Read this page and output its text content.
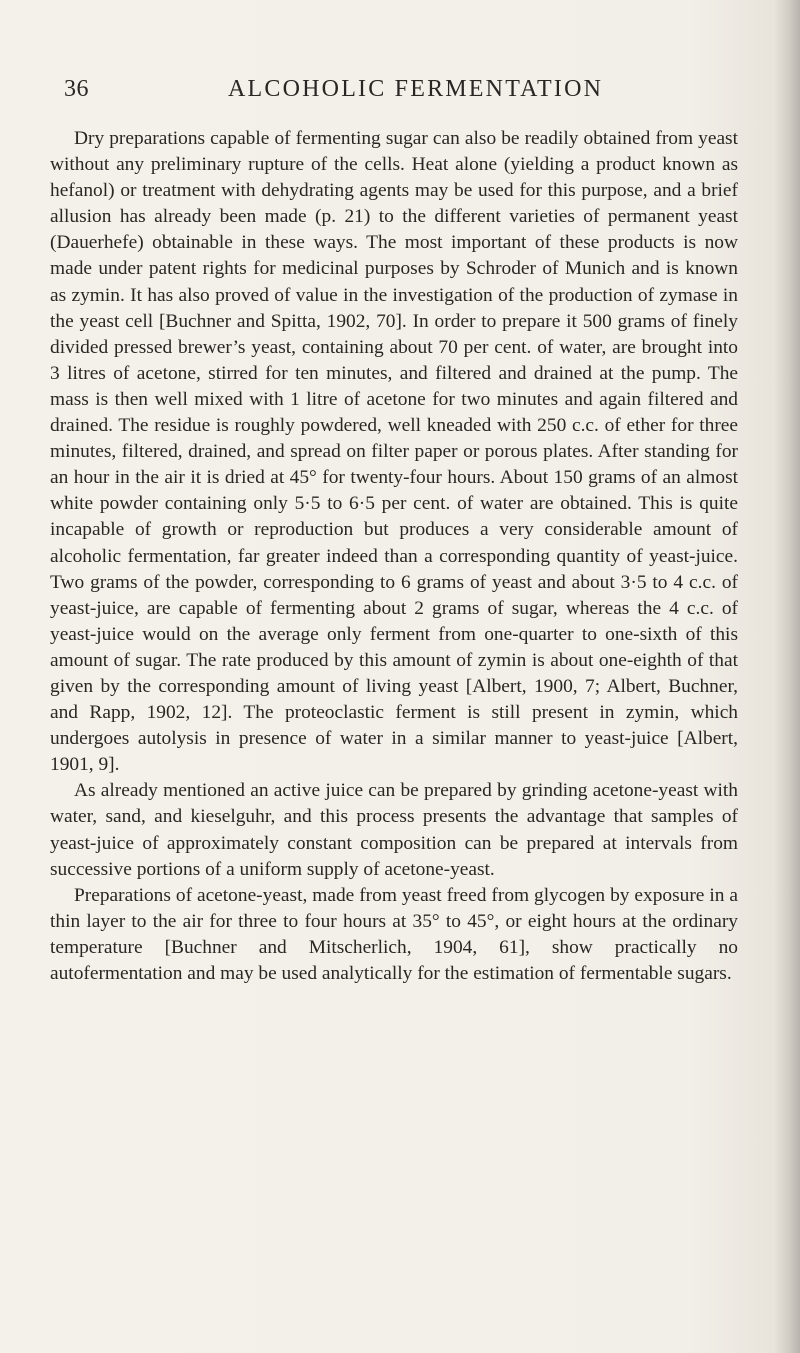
36	ALCOHOLIC FERMENTATION

Dry preparations capable of fermenting sugar can also be readily obtained from yeast without any preliminary rupture of the cells. Heat alone (yielding a product known as hefanol) or treatment with dehydrating agents may be used for this purpose, and a brief allusion has already been made (p. 21) to the different varieties of permanent yeast (Dauerhefe) obtainable in these ways. The most important of these products is now made under patent rights for medicinal purposes by Schroder of Munich and is known as zymin. It has also proved of value in the investigation of the production of zymase in the yeast cell [Buchner and Spitta, 1902, 70]. In order to prepare it 500 grams of finely divided pressed brewer’s yeast, containing about 70 per cent. of water, are brought into 3 litres of acetone, stirred for ten minutes, and filtered and drained at the pump. The mass is then well mixed with 1 litre of acetone for two minutes and again filtered and drained. The residue is roughly powdered, well kneaded with 250 c.c. of ether for three minutes, filtered, drained, and spread on filter paper or porous plates. After standing for an hour in the air it is dried at 45° for twenty-four hours. About 150 grams of an almost white powder containing only 5·5 to 6·5 per cent. of water are obtained. This is quite incapable of growth or reproduction but produces a very considerable amount of alcoholic fermentation, far greater indeed than a corresponding quantity of yeast-juice. Two grams of the powder, corresponding to 6 grams of yeast and about 3·5 to 4 c.c. of yeast-juice, are capable of fermenting about 2 grams of sugar, whereas the 4 c.c. of yeast-juice would on the average only ferment from one-quarter to one-sixth of this amount of sugar. The rate produced by this amount of zymin is about one-eighth of that given by the corresponding amount of living yeast [Albert, 1900, 7; Albert, Buchner, and Rapp, 1902, 12]. The proteoclastic ferment is still present in zymin, which undergoes autolysis in presence of water in a similar manner to yeast-juice [Albert, 1901, 9].

As already mentioned an active juice can be prepared by grinding acetone-yeast with water, sand, and kieselguhr, and this process presents the advantage that samples of yeast-juice of approximately constant composition can be prepared at intervals from successive portions of a uniform supply of acetone-yeast.

Preparations of acetone-yeast, made from yeast freed from glycogen by exposure in a thin layer to the air for three to four hours at 35° to 45°, or eight hours at the ordinary temperature [Buchner and Mitscherlich, 1904, 61], show practically no autofermentation and may be used analytically for the estimation of fermentable sugars.
